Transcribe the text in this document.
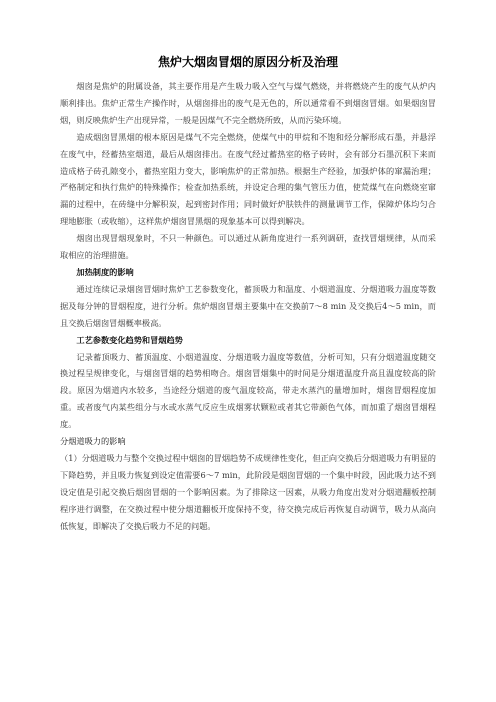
焦炉大烟囱冒烟的原因分析及治理

烟囱是焦炉的附属设备，其主要作用是产生吸力吸入空气与煤气燃烧，并将燃烧产生的废气从炉内顺利排出。焦炉正常生产操作时，从烟囱排出的废气是无色的，所以通常看不到烟囱冒烟。如果烟囱冒烟，则反映焦炉生产出现异常，一般是因煤气不完全燃烧所致，从而污染环境。

造成烟囱冒黑烟的根本原因是煤气不完全燃烧，使煤气中的甲烷和不饱和烃分解形成石墨，并悬浮在废气中，经蓄热室烟道，最后从烟囱排出。在废气经过蓄热室的格子砖时，会有部分石墨沉积下来而造成格子砖孔隙变小，蓄热室阻力变大，影响焦炉的正常加热。根据生产经验，加强炉体的窜漏治理；严格制定和执行焦炉的特殊操作；检查加热系统，并设定合理的集气管压力值，使荒煤气在向燃烧室窜漏的过程中，在砖缝中分解积炭，起到密封作用；同时做好炉肤铁件的测量调节工作，保障炉体均匀合理地膨胀（或收缩），这样焦炉烟囱冒黑烟的现象基本可以得到解决。

烟囱出现冒烟现象时，不只一种颜色。可以通过从新角度进行一系列调研，查找冒烟规律，从而采取相应的治理措施。

加热制度的影响

通过连续记录烟囱冒烟时焦炉工艺参数变化，蓄顶吸力和温度、小烟道温度、分烟道吸力温度等数据及每分钟的冒烟程度，进行分析。焦炉烟囱冒烟主要集中在交换前7～8 min 及交换后4～5 min，而且交换后烟囱冒烟概率极高。

工艺参数变化趋势和冒烟趋势

记录蓄顶吸力、蓄顶温度、小烟道温度、分烟道吸力温度等数值，分析可知，只有分烟道温度随交换过程呈规律变化，与烟囱冒烟的趋势相吻合。烟囱冒烟集中的时间是分烟道温度升高且温度较高的阶段。原因为烟道内水较多，当途经分烟道的废气温度较高，带走水蒸汽的量增加时，烟囱冒烟程度加重。或者废气内某些组分与水或水蒸气反应生成烟雾状颗粒或者其它带颜色气体，而加重了烟囱冒烟程度。

分烟道吸力的影响

（1）分烟道吸力与整个交换过程中烟囱的冒烟趋势不成规律性变化，但正向交换后分烟道吸力有明显的下降趋势，并且吸力恢复到设定值需要6～7 min，此阶段是烟囱冒烟的一个集中时段，因此吸力达不到设定值是引起交换后烟囱冒烟的一个影响因素。为了排除这一因素，从吸力角度出发对分烟道翻板控制程序进行调整，在交换过程中使分烟道翻板开度保持不变，待交换完成后再恢复自动调节，吸力从高向低恢复，即解决了交换后吸力不足的问题。
